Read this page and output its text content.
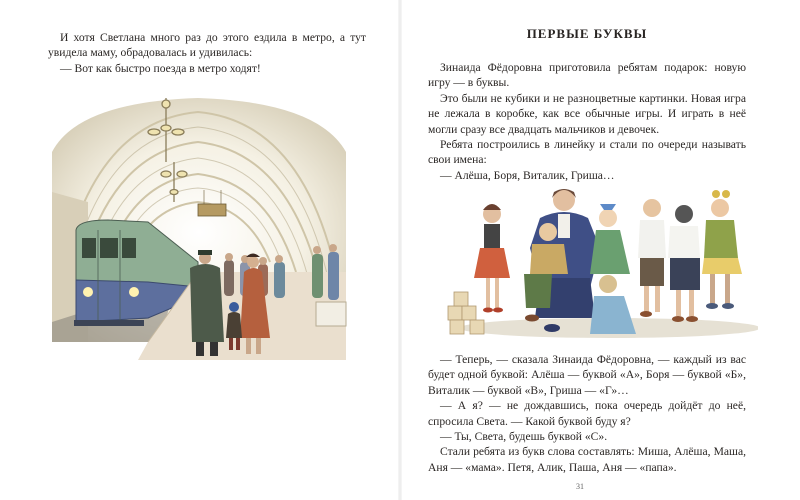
И хотя Светлана много раз до этого ездила в метро, а тут увидела маму, обрадовалась и удивилась:

— Вот как быстро поезда в метро ходят!

ПЕРВЫЕ БУКВЫ

Зинаида Фёдоровна приготовила ребятам подарок: новую игру — в буквы.

Это были не кубики и не разноцветные картинки. Новая игра не лежала в коробке, как все обычные игры. И играть в неё могли сразу все двадцать мальчиков и девочек.

Ребята построились в линейку и стали по очереди называть свои имена:

— Алёша, Боря, Виталик, Гриша…

— Теперь, — сказала Зинаида Фёдоровна, — каждый из вас будет одной буквой: Алёша — буквой «А», Боря — буквой «Б», Виталик — буквой «В», Гриша — «Г»…

— А я? — не дождавшись, пока очередь дойдёт до неё, спросила Света. — Какой буквой буду я?

— Ты, Света, будешь буквой «С».

Стали ребята из букв слова составлять: Миша, Алёша, Маша, Аня — «мама». Петя, Алик, Паша, Аня — «папа».

31
